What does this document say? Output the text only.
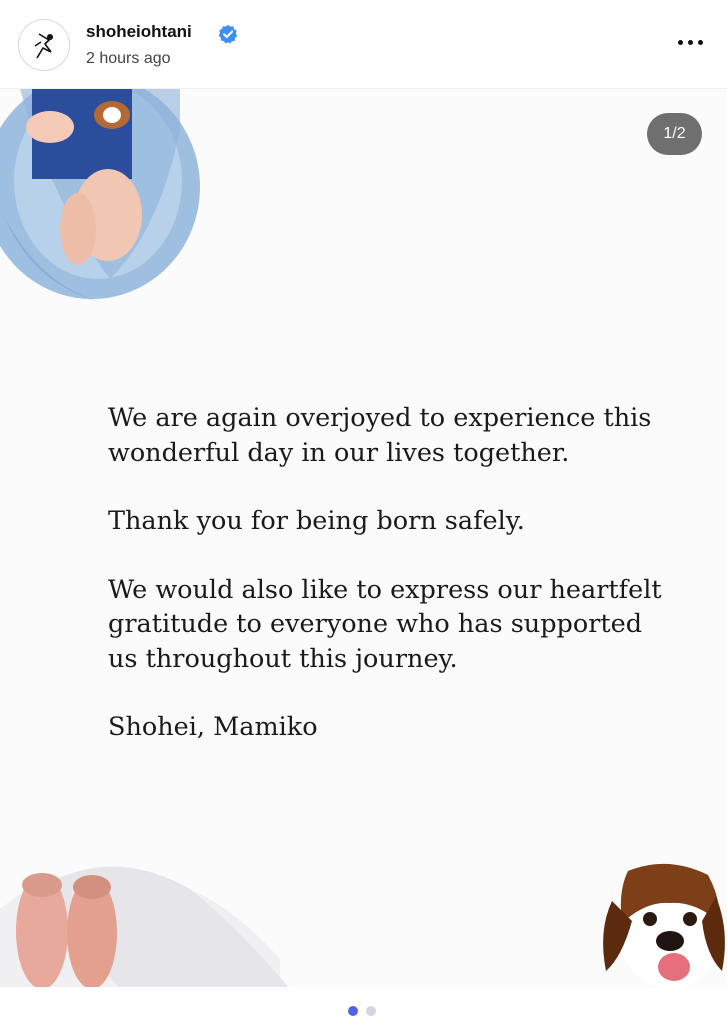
shoheiohtani
2 hours ago
1/2

We are again overjoyed to experience this wonderful day in our lives together.

Thank you for being born safely.

We would also like to express our heartfelt gratitude to everyone who has supported us throughout this journey.

Shohei, Mamiko
